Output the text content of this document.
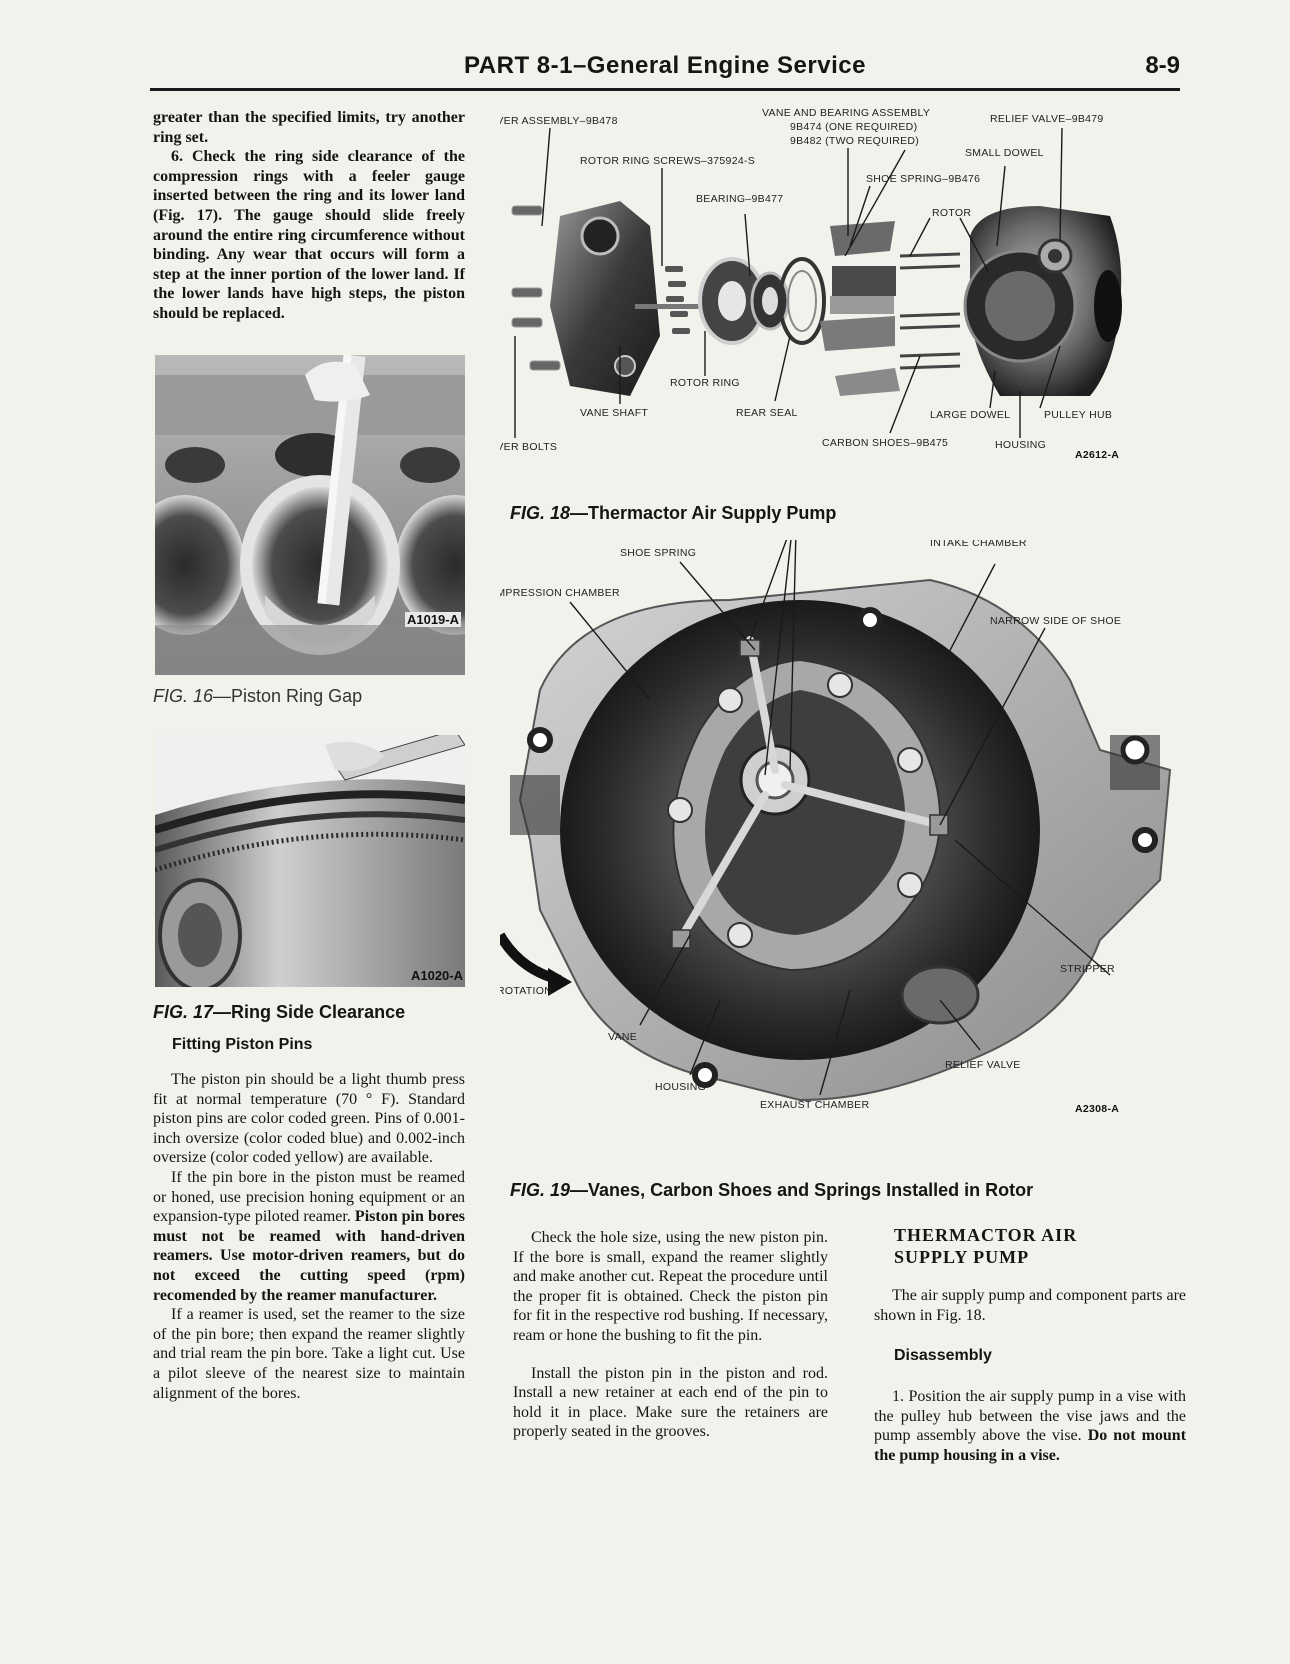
PART 8-1–General Engine Service	8-9

greater than the specified limits, try another ring set.

6. Check the ring side clearance of the compression rings with a feeler gauge inserted between the ring and its lower land (Fig. 17). The gauge should slide freely around the entire ring circumference without binding. Any wear that occurs will form a step at the inner portion of the lower land. If the lower lands have high steps, the piston should be replaced.

A1019-A
FIG. 16—Piston Ring Gap
A1020-A
FIG. 17—Ring Side Clearance
Fitting Piston Pins

The piston pin should be a light thumb press fit at normal temperature (70 ° F). Standard piston pins are color coded green. Pins of 0.001-inch oversize (color coded blue) and 0.002-inch oversize (color coded yellow) are available.

If the pin bore in the piston must be reamed or honed, use precision honing equipment or an expansion-type piloted reamer. Piston pin bores must not be reamed with hand-driven reamers. Use motor-driven reamers, but do not exceed the cutting speed (rpm) recomended by the reamer manufacturer.

If a reamer is used, set the reamer to the size of the pin bore; then expand the reamer slightly and trial ream the pin bore. Take a light cut. Use a pilot sleeve of the nearest size to maintain alignment of the bores.

ER ASSEMBLY–9B478
VANE AND BEARING ASSEMBLY
9B474 (ONE REQUIRED)
9B482 (TWO REQUIRED)
RELIEF VALVE–9B479
SMALL DOWEL
ROTOR RING SCREWS–375924-S
SHOE SPRING–9B476
BEARING–9B477
ROTOR
ROTOR RING
VANE SHAFT	REAR SEAL	LARGE DOWEL	PULLEY HUB
ER BOLTS	CARBON SHOES–9B475	HOUSING
A2612-A
FIG. 18—Thermactor Air Supply Pump
SHOE SPRING
INTAKE CHAMBER
MPRESSION CHAMBER
NARROW SIDE OF SHOE
ROTATION
STRIPPER
VANE
RELIEF VALVE
HOUSING
EXHAUST CHAMBER	A2308-A
FIG. 19—Vanes, Carbon Shoes and Springs Installed in Rotor

Check the hole size, using the new piston pin. If the bore is small, expand the reamer slightly and make another cut. Repeat the procedure until the proper fit is obtained. Check the piston pin for fit in the respective rod bushing. If necessary, ream or hone the bushing to fit the pin.

Install the piston pin in the piston and rod. Install a new retainer at each end of the pin to hold it in place. Make sure the retainers are properly seated in the grooves.

THERMACTOR AIR SUPPLY PUMP

The air supply pump and component parts are shown in Fig. 18.

Disassembly

1. Position the air supply pump in a vise with the pulley hub between the vise jaws and the pump assembly above the vise. Do not mount the pump housing in a vise.
